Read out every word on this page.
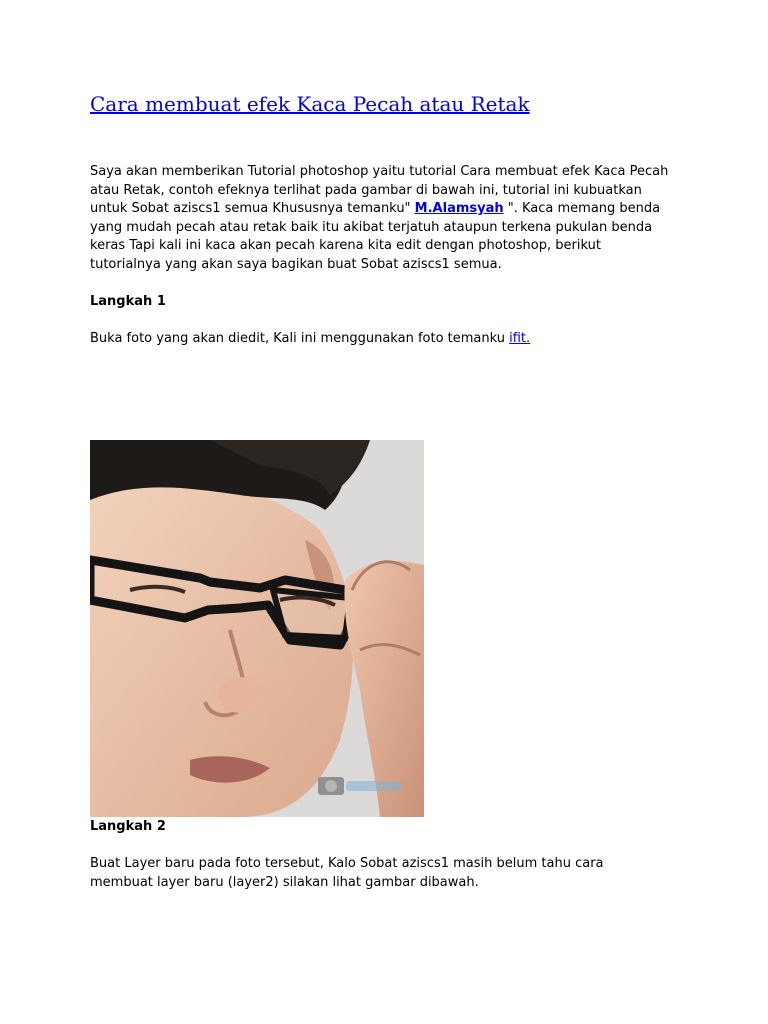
Cara membuat efek Kaca Pecah atau Retak

Saya akan memberikan Tutorial photoshop yaitu tutorial Cara membuat efek Kaca Pecah atau Retak, contoh efeknya terlihat pada gambar di bawah ini, tutorial ini kubuatkan untuk Sobat aziscs1 semua Khususnya temanku" M.Alamsyah ". Kaca memang benda yang mudah pecah atau retak baik itu akibat terjatuh ataupun terkena pukulan benda keras Tapi kali ini kaca akan pecah karena kita edit dengan photoshop, berikut tutorialnya yang akan saya bagikan buat Sobat aziscs1 semua.

Langkah 1

Buka foto yang akan diedit, Kali ini menggunakan foto temanku ifit.

Langkah 2

Buat Layer baru pada foto tersebut, Kalo Sobat aziscs1 masih belum tahu cara membuat layer baru (layer2) silakan lihat gambar dibawah.
